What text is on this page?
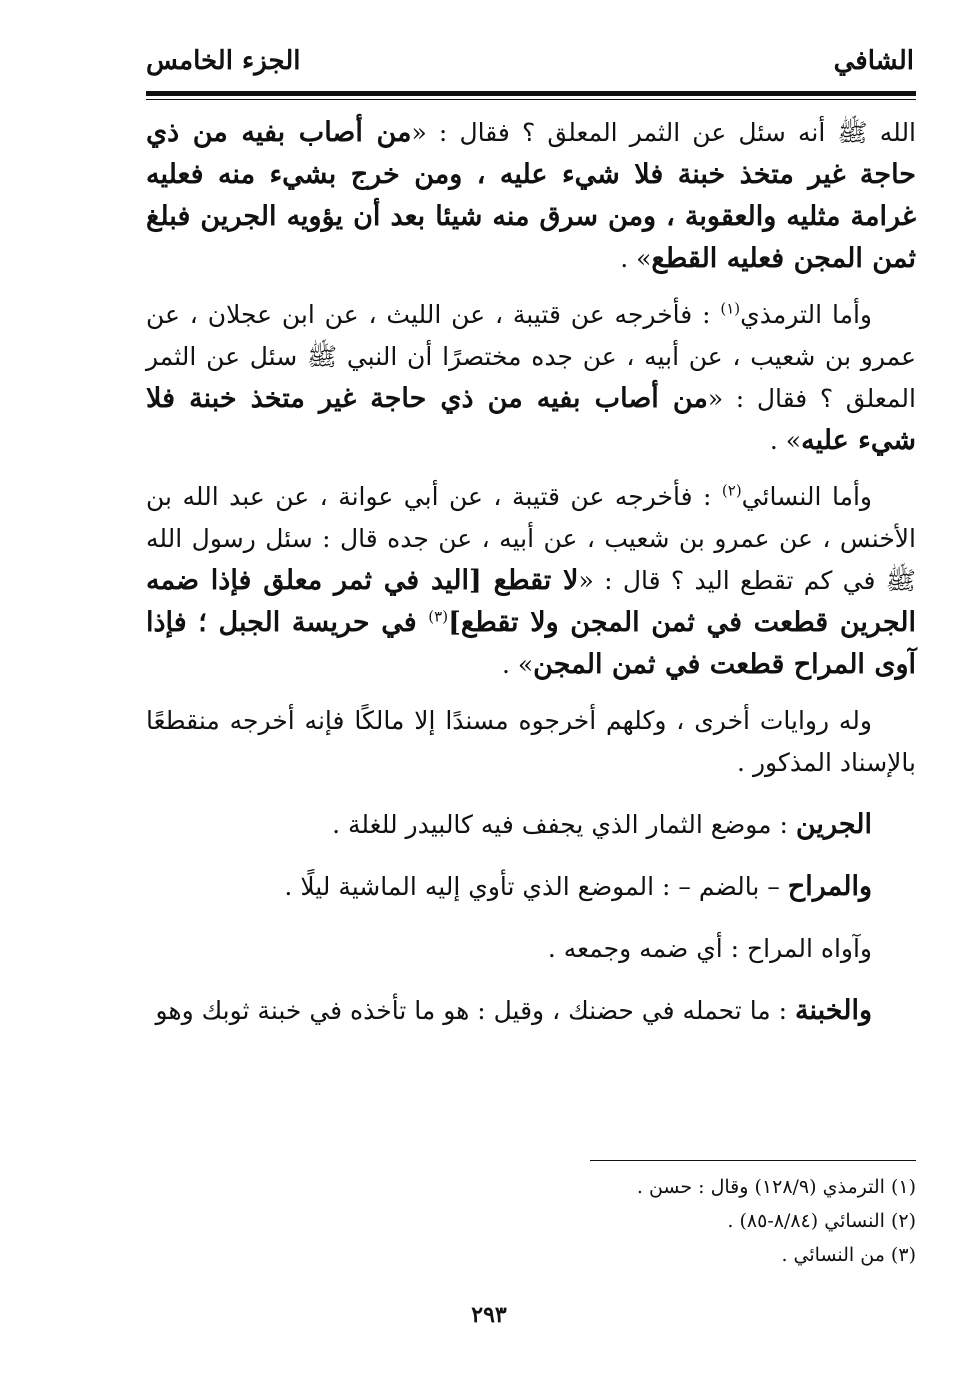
الشافي
الجزء الخامس

الله ﷺ أنه سئل عن الثمر المعلق ؟ فقال : «من أصاب بفيه من ذي حاجة غير متخذ خبنة فلا شيء عليه ، ومن خرج بشيء منه فعليه غرامة مثليه والعقوبة ، ومن سرق منه شيئا بعد أن يؤويه الجرين فبلغ ثمن المجن فعليه القطع» .

وأما الترمذي$^{(١)}$ : فأخرجه عن قتيبة ، عن الليث ، عن ابن عجلان ، عن عمرو بن شعيب ، عن أبيه ، عن جده مختصرًا أن النبي ﷺ سئل عن الثمر المعلق ؟ فقال : «من أصاب بفيه من ذي حاجة غير متخذ خبنة فلا شيء عليه» .

وأما النسائي$^{(٢)}$ : فأخرجه عن قتيبة ، عن أبي عوانة ، عن عبد الله بن الأخنس ، عن عمرو بن شعيب ، عن أبيه ، عن جده قال : سئل رسول الله ﷺ في كم تقطع اليد ؟ قال : «لا تقطع [اليد في ثمر معلق فإذا ضمه الجرين قطعت في ثمن المجن ولا تقطع]$^{(٣)}$ في حريسة الجبل ؛ فإذا آوى المراح قطعت في ثمن المجن» .

وله روايات أخرى ، وكلهم أخرجوه مسندًا إلا مالكًا فإنه أخرجه منقطعًا بالإسناد المذكور .

الجرين : موضع الثمار الذي يجفف فيه كالبيدر للغلة .
والمراح – بالضم – : الموضع الذي تأوي إليه الماشية ليلًا .
وآواه المراح : أي ضمه وجمعه .
والخبنة : ما تحمله في حضنك ، وقيل : هو ما تأخذه في خبنة ثوبك وهو
(١) الترمذي (١٢٨/٩) وقال : حسن .
(٢) النسائي (٨/٨٤-٨٥) .
(٣) من النسائي .
٢٩٣
